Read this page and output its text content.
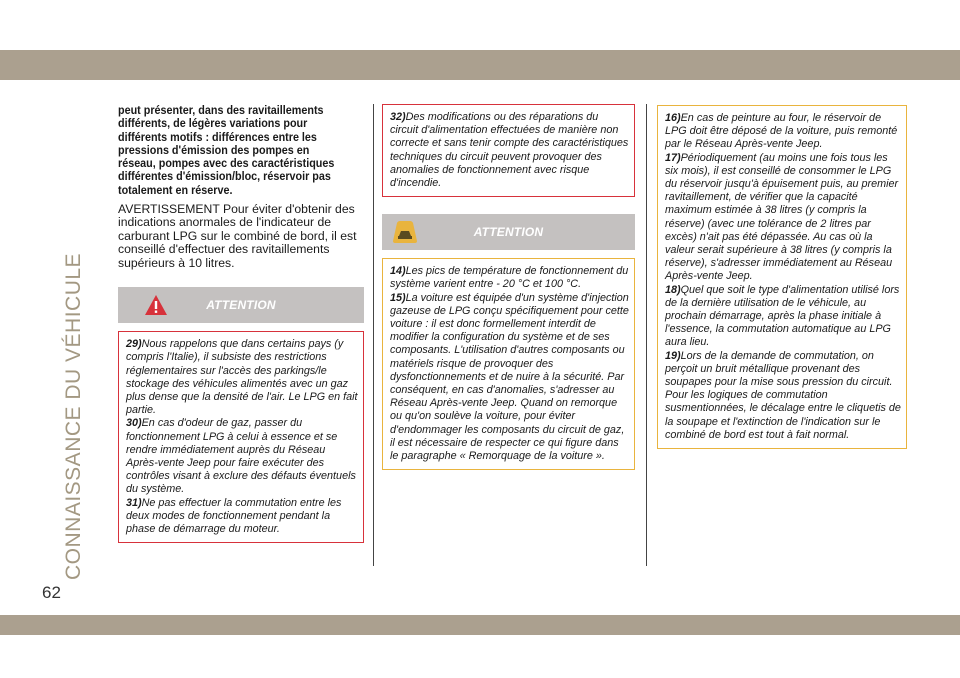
CONNAISSANCE DU VÉHICULE
62

peut présenter, dans des ravitaillements différents, de légères variations pour différents motifs : différences entre les pressions d'émission des pompes en réseau, pompes avec des caractéristiques différentes d'émission/bloc, réservoir pas totalement en réserve.

AVERTISSEMENT Pour éviter d'obtenir des indications anormales de l'indicateur de carburant LPG sur le combiné de bord, il est conseillé d'effectuer des ravitaillements supérieurs à 10 litres.

ATTENTION

29)Nous rappelons que dans certains pays (y compris l'Italie), il subsiste des restrictions réglementaires sur l'accès des parkings/le stockage des véhicules alimentés avec un gaz plus dense que la densité de l'air. Le LPG en fait partie.

30)En cas d'odeur de gaz, passer du fonctionnement LPG à celui à essence et se rendre immédiatement auprès du Réseau Après-vente Jeep pour faire exécuter des contrôles visant à exclure des défauts éventuels du système.

31)Ne pas effectuer la commutation entre les deux modes de fonctionnement pendant la phase de démarrage du moteur.

32)Des modifications ou des réparations du circuit d'alimentation effectuées de manière non correcte et sans tenir compte des caractéristiques techniques du circuit peuvent provoquer des anomalies de fonctionnement avec risque d'incendie.

ATTENTION

14)Les pics de température de fonctionnement du système varient entre - 20 °C et 100 °C.

15)La voiture est équipée d'un système d'injection gazeuse de LPG conçu spécifiquement pour cette voiture : il est donc formellement interdit de modifier la configuration du système et de ses composants. L'utilisation d'autres composants ou matériels risque de provoquer des dysfonctionnements et de nuire à la sécurité. Par conséquent, en cas d'anomalies, s'adresser au Réseau Après-vente Jeep. Quand on remorque ou qu'on soulève la voiture, pour éviter d'endommager les composants du circuit de gaz, il est nécessaire de respecter ce qui figure dans le paragraphe « Remorquage de la voiture ».

16)En cas de peinture au four, le réservoir de LPG doit être déposé de la voiture, puis remonté par le Réseau Après-vente Jeep.

17)Périodiquement (au moins une fois tous les six mois), il est conseillé de consommer le LPG du réservoir jusqu'à épuisement puis, au premier ravitaillement, de vérifier que la capacité maximum estimée à 38 litres (y compris la réserve) (avec une tolérance de 2 litres par excès) n'ait pas été dépassée. Au cas où la valeur serait supérieure à 38 litres (y compris la réserve), s'adresser immédiatement au Réseau Après-vente Jeep.

18)Quel que soit le type d'alimentation utilisé lors de la dernière utilisation de le véhicule, au prochain démarrage, après la phase initiale à l'essence, la commutation automatique au LPG aura lieu.

19)Lors de la demande de commutation, on perçoit un bruit métallique provenant des soupapes pour la mise sous pression du circuit. Pour les logiques de commutation susmentionnées, le décalage entre le cliquetis de la soupape et l'extinction de l'indication sur le combiné de bord est tout à fait normal.
